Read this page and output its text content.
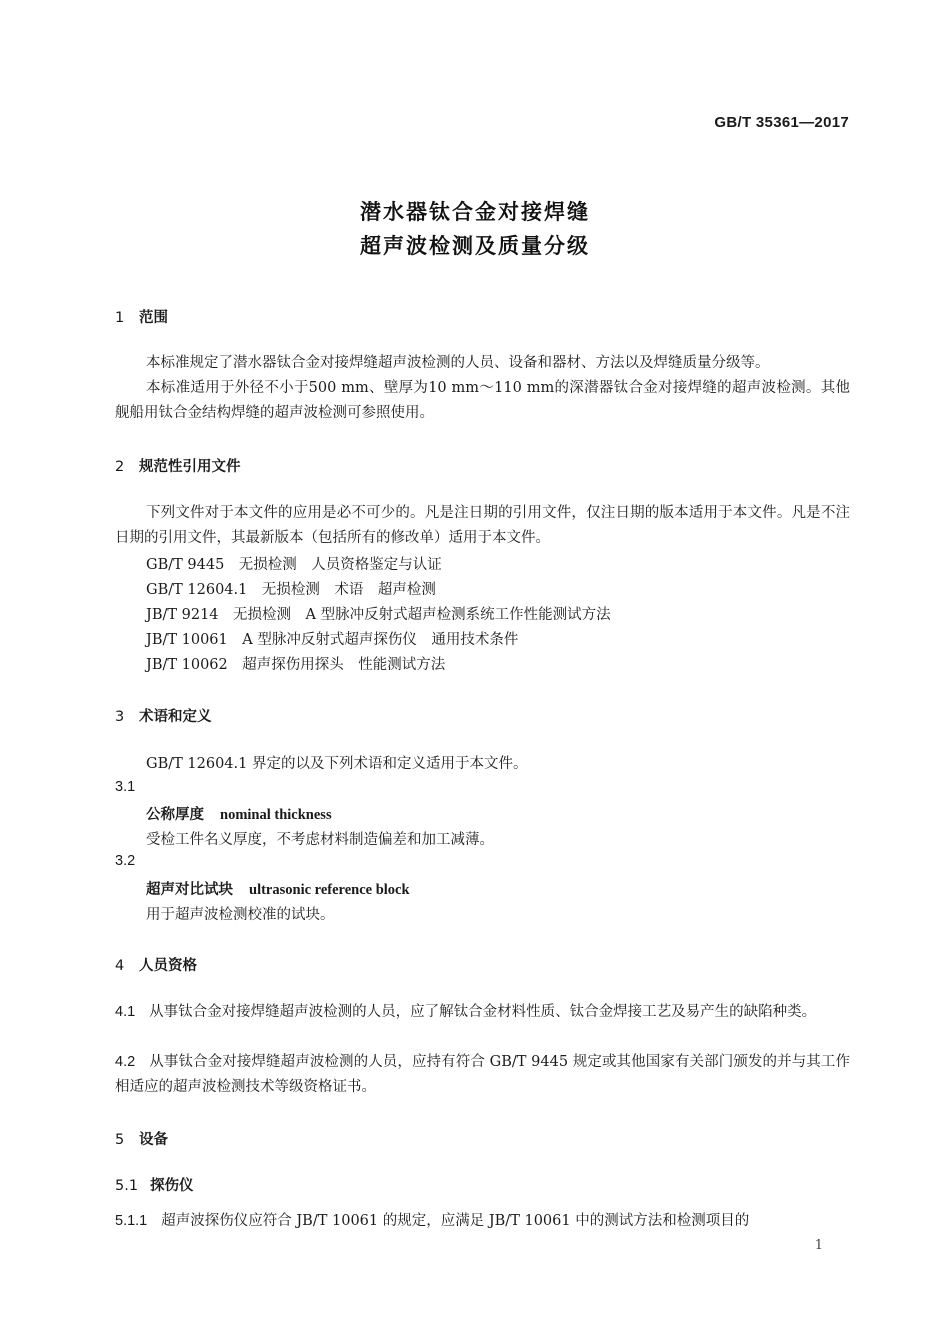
GB/T 35361—2017
潜水器钛合金对接焊缝
超声波检测及质量分级
1 范围
本标准规定了潜水器钛合金对接焊缝超声波检测的人员、设备和器材、方法以及焊缝质量分级等。
本标准适用于外径不小于500 mm、壁厚为10 mm～110 mm的深潜器钛合金对接焊缝的超声波检测。其他舰船用钛合金结构焊缝的超声波检测可参照使用。
2 规范性引用文件
下列文件对于本文件的应用是必不可少的。凡是注日期的引用文件，仅注日期的版本适用于本文件。凡是不注日期的引用文件，其最新版本（包括所有的修改单）适用于本文件。
GB/T 9445　无损检测　人员资格鉴定与认证
GB/T 12604.1　无损检测　术语　超声检测
JB/T 9214　无损检测　A 型脉冲反射式超声检测系统工作性能测试方法
JB/T 10061　A 型脉冲反射式超声探伤仪　通用技术条件
JB/T 10062　超声探伤用探头　性能测试方法
3 术语和定义
GB/T 12604.1 界定的以及下列术语和定义适用于本文件。
3.1
公称厚度 nominal thickness
受检工件名义厚度，不考虑材料制造偏差和加工减薄。
3.2
超声对比试块 ultrasonic reference block
用于超声波检测校准的试块。
4 人员资格
4.1 从事钛合金对接焊缝超声波检测的人员，应了解钛合金材料性质、钛合金焊接工艺及易产生的缺陷种类。
4.2 从事钛合金对接焊缝超声波检测的人员，应持有符合 GB/T 9445 规定或其他国家有关部门颁发的并与其工作相适应的超声波检测技术等级资格证书。
5 设备
5.1 探伤仪
5.1.1 超声波探伤仪应符合 JB/T 10061 的规定，应满足 JB/T 10061 中的测试方法和检测项目的
1
